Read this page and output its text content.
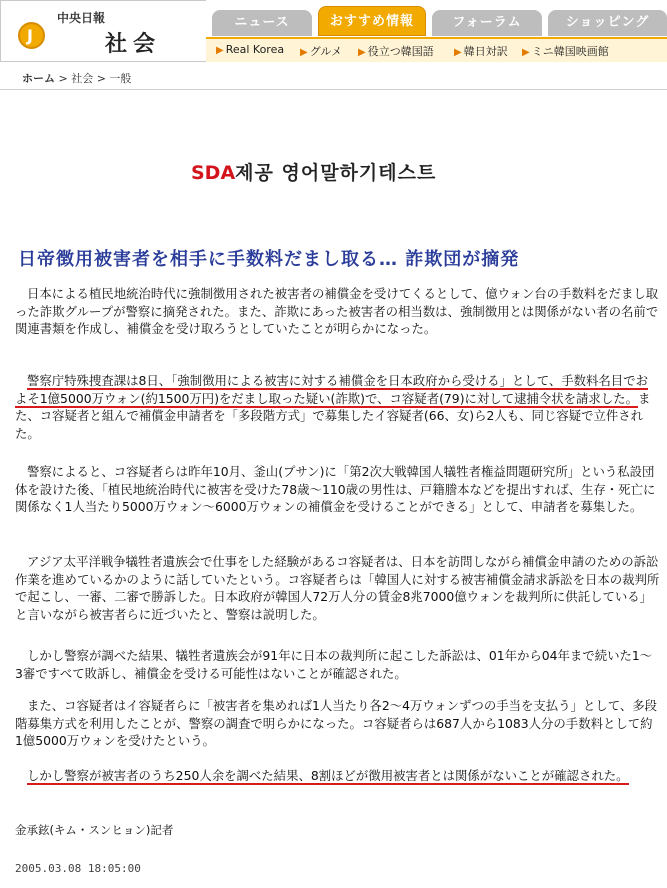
J
中央日報
社会
ニュース	おすすめ情報	フォーラム	ショッピング
▶ Real Korea ▶ グルメ ▶ 役立つ韓国語 ▶ 韓日対訳 ▶ ミニ韓国映画館
ホーム > 社会 > 一般
SDA제공 영어말하기테스트
日帝徴用被害者を相手に手数料だまし取る… 詐欺団が摘発

日本による植民地統治時代に強制徴用された被害者の補償金を受けてくるとして、億ウォン台の手数料をだまし取った詐欺グループが警察に摘発された。また、詐欺にあった被害者の相当数は、強制徴用とは関係がない者の名前で関連書類を作成し、補償金を受け取ろうとしていたことが明らかになった。

警察庁特殊捜査課は8日、「強制徴用による被害に対する補償金を日本政府から受ける」として、手数料名目でおよそ1億5000万ウォン(約1500万円)をだまし取った疑い(詐欺)で、コ容疑者(79)に対して逮捕令状を請求した。また、コ容疑者と組んで補償金申請者を「多段階方式」で募集したイ容疑者(66、女)ら2人も、同じ容疑で立件された。

警察によると、コ容疑者らは昨年10月、釜山(プサン)に「第2次大戦韓国人犠牲者権益問題研究所」という私設団体を設けた後、「植民地統治時代に被害を受けた78歳〜110歳の男性は、戸籍謄本などを提出すれば、生存・死亡に関係なく1人当たり5000万ウォン〜6000万ウォンの補償金を受けることができる」として、申請者を募集した。

アジア太平洋戦争犠牲者遺族会で仕事をした経験があるコ容疑者は、日本を訪問しながら補償金申請のための訴訟作業を進めているかのように話していたという。コ容疑者らは「韓国人に対する被害補償金請求訴訟を日本の裁判所で起こし、一審、二審で勝訴した。日本政府が韓国人72万人分の賃金8兆7000億ウォンを裁判所に供託している」と言いながら被害者らに近づいたと、警察は説明した。

しかし警察が調べた結果、犠牲者遺族会が91年に日本の裁判所に起こした訴訟は、01年から04年まで続いた1〜3審ですべて敗訴し、補償金を受ける可能性はないことが確認された。

また、コ容疑者はイ容疑者らに「被害者を集めれば1人当たり各2〜4万ウォンずつの手当を支払う」として、多段階募集方式を利用したことが、警察の調査で明らかになった。コ容疑者らは687人から1083人分の手数料として約1億5000万ウォンを受けたという。

しかし警察が被害者のうち250人余を調べた結果、8割ほどが徴用被害者とは関係がないことが確認された。

金承鉉(キム・スンヒョン)記者
2005.03.08 18:05:00
